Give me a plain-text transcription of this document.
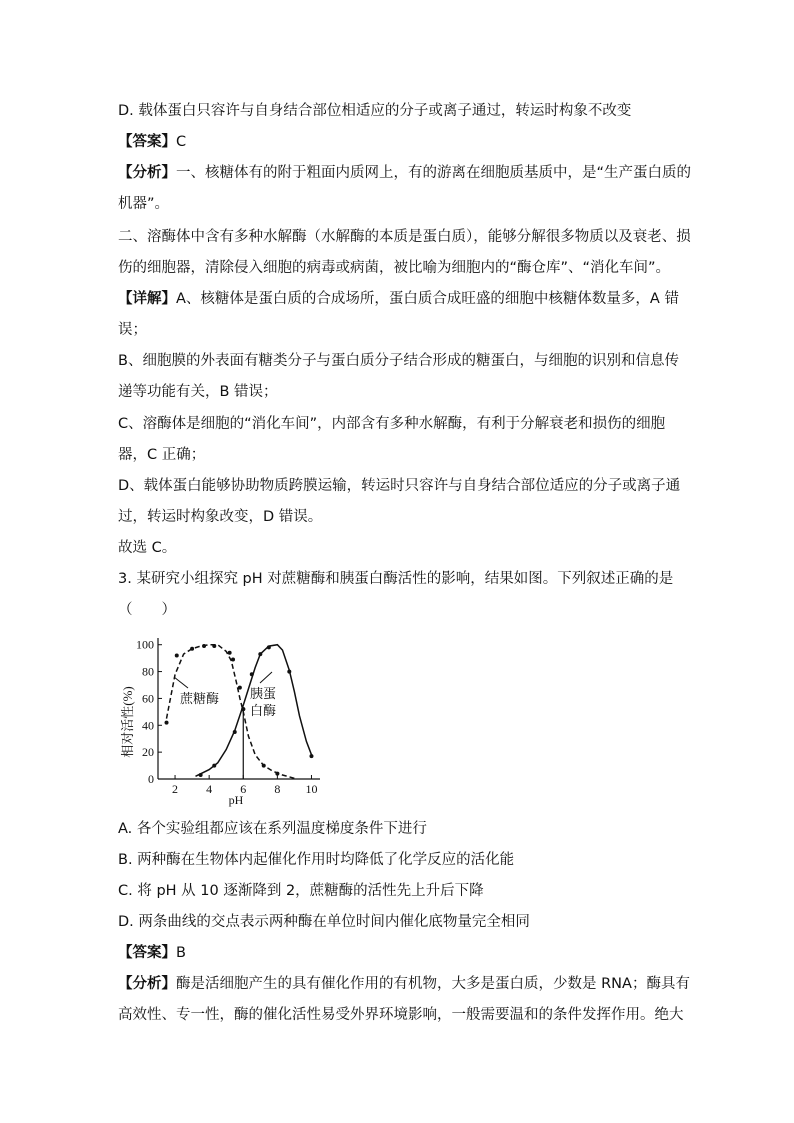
D. 载体蛋白只容许与自身结合部位相适应的分子或离子通过，转运时构象不改变
【答案】C
【分析】一、核糖体有的附于粗面内质网上，有的游离在细胞质基质中，是“生产蛋白质的
机器”。
二、溶酶体中含有多种水解酶（水解酶的本质是蛋白质），能够分解很多物质以及衰老、损
伤的细胞器，清除侵入细胞的病毒或病菌，被比喻为细胞内的“酶仓库”、“消化车间”。
【详解】A、核糖体是蛋白质的合成场所，蛋白质合成旺盛的细胞中核糖体数量多，A 错
误；
B、细胞膜的外表面有糖类分子与蛋白质分子结合形成的糖蛋白，与细胞的识别和信息传
递等功能有关，B 错误；
C、溶酶体是细胞的“消化车间”，内部含有多种水解酶，有利于分解衰老和损伤的细胞
器，C 正确；
D、载体蛋白能够协助物质跨膜运输，转运时只容许与自身结合部位适应的分子或离子通
过，转运时构象改变，D 错误。
故选 C。
3. 某研究小组探究 pH 对蔗糖酶和胰蛋白酶活性的影响，结果如图。下列叙述正确的是
（　　）
0
20
40
60
80
100
2 4 6 8 10
相对活性(%)
pH
蔗糖酶 胰蛋
白酶
A. 各个实验组都应该在系列温度梯度条件下进行
B. 两种酶在生物体内起催化作用时均降低了化学反应的活化能
C. 将 pH 从 10 逐渐降到 2，蔗糖酶的活性先上升后下降
D. 两条曲线的交点表示两种酶在单位时间内催化底物量完全相同
【答案】B
【分析】酶是活细胞产生的具有催化作用的有机物，大多是蛋白质，少数是 RNA；酶具有
高效性、专一性，酶的催化活性易受外界环境影响，一般需要温和的条件发挥作用。绝大
